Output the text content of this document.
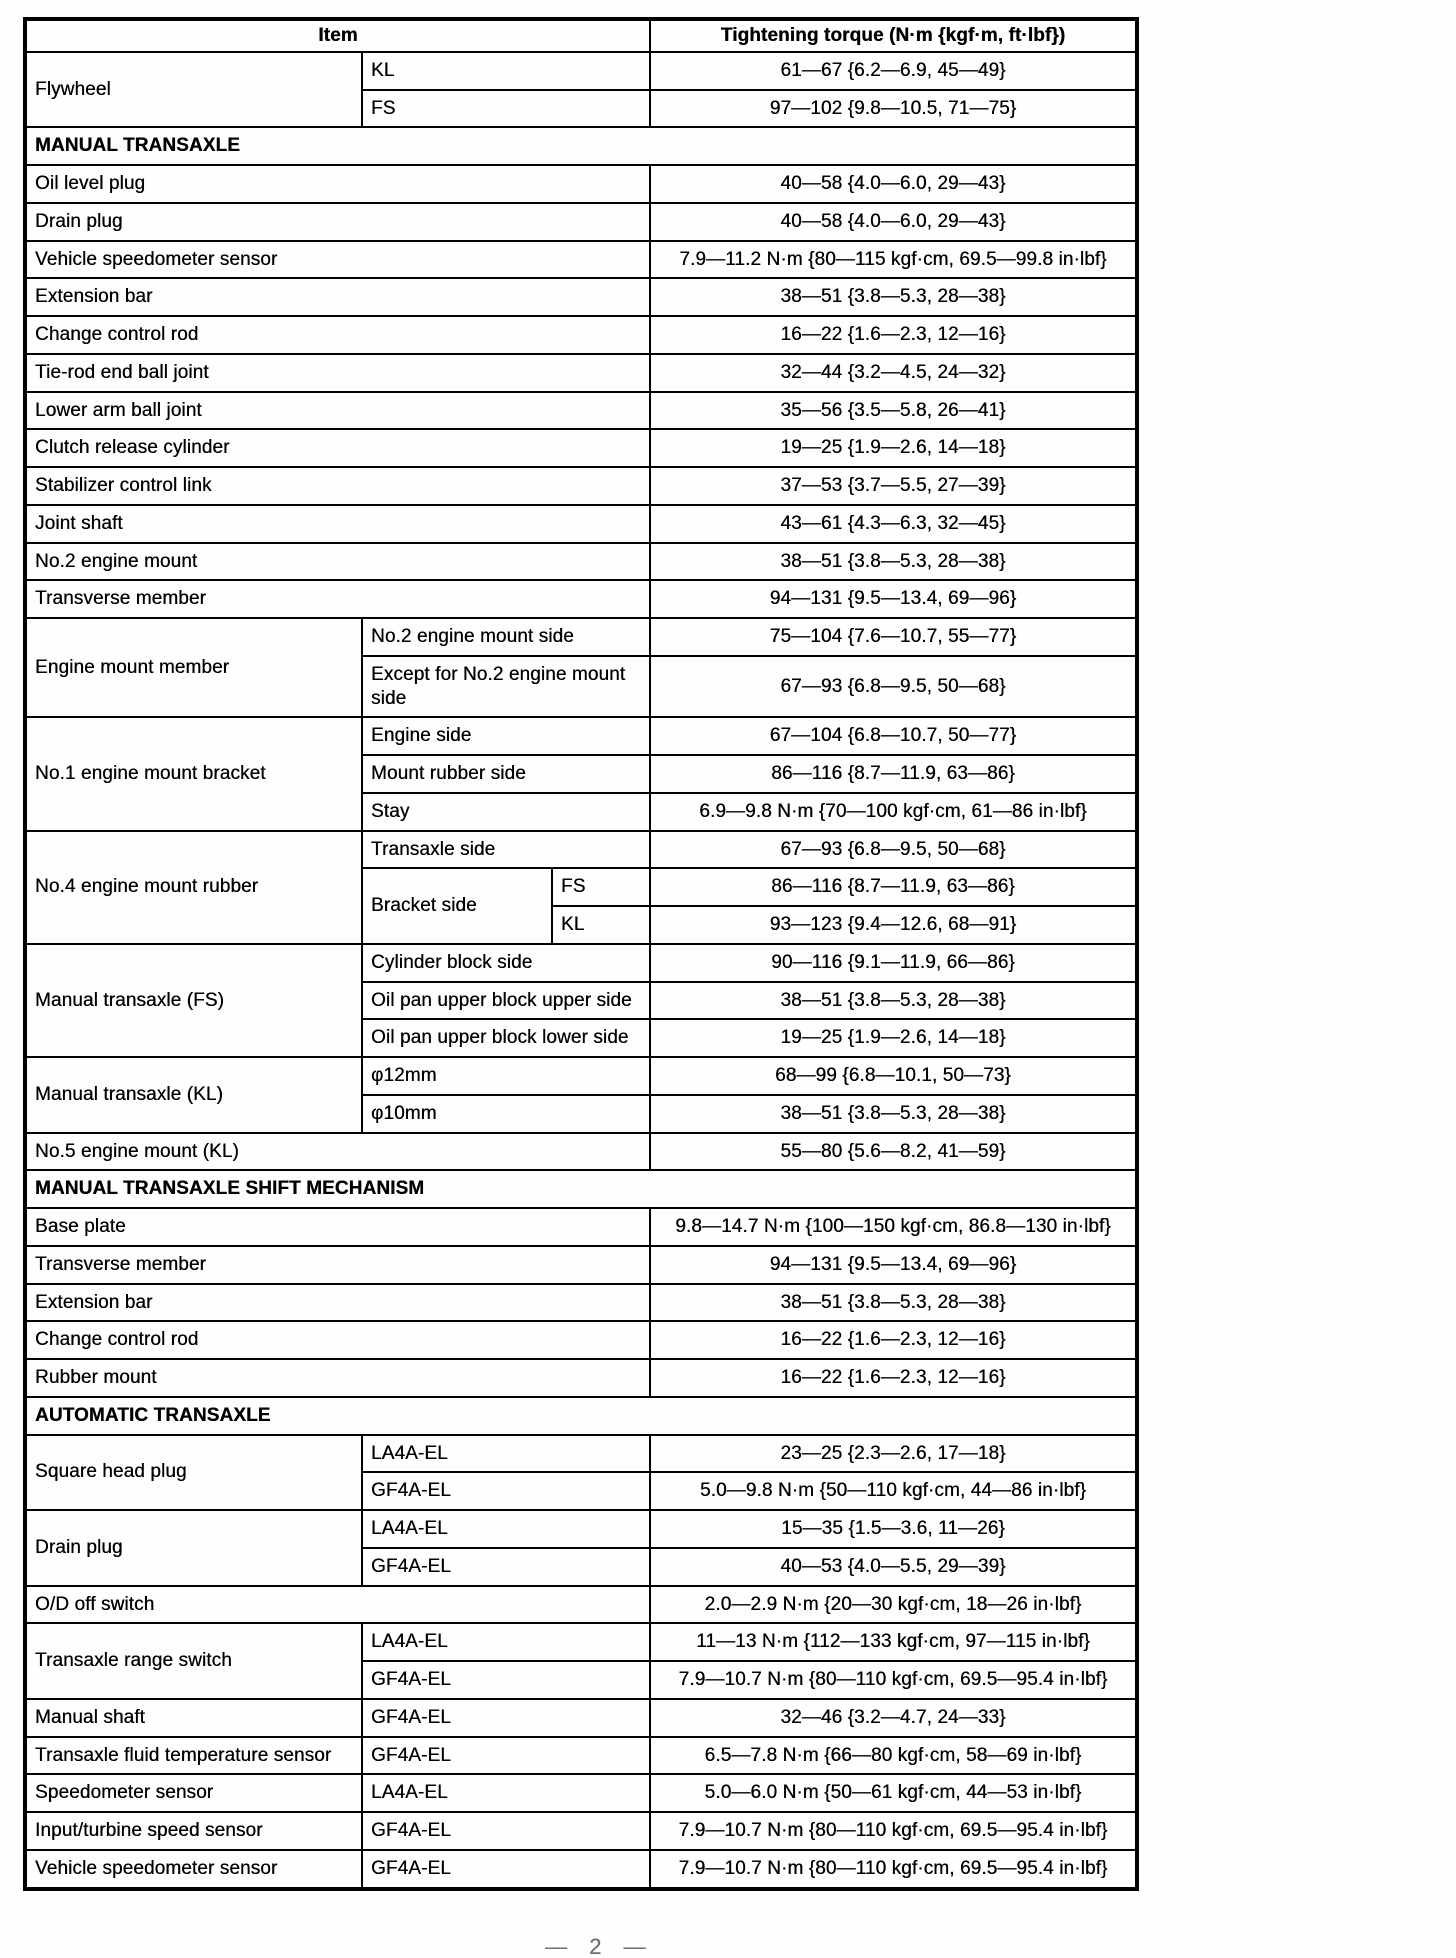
Item			Tightening torque (N·m {kgf·m, ft·lbf})
Flywheel	KL		61—67 {6.2—6.9, 45—49}
	FS		97—102 {9.8—10.5, 71—75}
MANUAL TRANSAXLE			
Oil level plug			40—58 {4.0—6.0, 29—43}
Drain plug			40—58 {4.0—6.0, 29—43}
Vehicle speedometer sensor			7.9—11.2 N·m {80—115 kgf·cm, 69.5—99.8 in·lbf}
Extension bar			38—51 {3.8—5.3, 28—38}
Change control rod			16—22 {1.6—2.3, 12—16}
Tie-rod end ball joint			32—44 {3.2—4.5, 24—32}
Lower arm ball joint			35—56 {3.5—5.8, 26—41}
Clutch release cylinder			19—25 {1.9—2.6, 14—18}
Stabilizer control link			37—53 {3.7—5.5, 27—39}
Joint shaft			43—61 {4.3—6.3, 32—45}
No.2 engine mount			38—51 {3.8—5.3, 28—38}
Transverse member			94—131 {9.5—13.4, 69—96}
Engine mount member	No.2 engine mount side		75—104 {7.6—10.7, 55—77}
	Except for No.2 engine mount side		67—93 {6.8—9.5, 50—68}
No.1 engine mount bracket	Engine side		67—104 {6.8—10.7, 50—77}
	Mount rubber side		86—116 {8.7—11.9, 63—86}
	Stay		6.9—9.8 N·m {70—100 kgf·cm, 61—86 in·lbf}
No.4 engine mount rubber	Transaxle side		67—93 {6.8—9.5, 50—68}
	Bracket side	FS	86—116 {8.7—11.9, 63—86}
		KL	93—123 {9.4—12.6, 68—91}
Manual transaxle (FS)	Cylinder block side		90—116 {9.1—11.9, 66—86}
	Oil pan upper block upper side		38—51 {3.8—5.3, 28—38}
	Oil pan upper block lower side		19—25 {1.9—2.6, 14—18}
Manual transaxle (KL)	φ12mm		68—99 {6.8—10.1, 50—73}
	φ10mm		38—51 {3.8—5.3, 28—38}
No.5 engine mount (KL)			55—80 {5.6—8.2, 41—59}
MANUAL TRANSAXLE SHIFT MECHANISM			
Base plate			9.8—14.7 N·m {100—150 kgf·cm, 86.8—130 in·lbf}
Transverse member			94—131 {9.5—13.4, 69—96}
Extension bar			38—51 {3.8—5.3, 28—38}
Change control rod			16—22 {1.6—2.3, 12—16}
Rubber mount			16—22 {1.6—2.3, 12—16}
AUTOMATIC TRANSAXLE			
Square head plug	LA4A-EL		23—25 {2.3—2.6, 17—18}
	GF4A-EL		5.0—9.8 N·m {50—110 kgf·cm, 44—86 in·lbf}
Drain plug	LA4A-EL		15—35 {1.5—3.6, 11—26}
	GF4A-EL		40—53 {4.0—5.5, 29—39}
O/D off switch			2.0—2.9 N·m {20—30 kgf·cm, 18—26 in·lbf}
Transaxle range switch	LA4A-EL		11—13 N·m {112—133 kgf·cm, 97—115 in·lbf}
	GF4A-EL		7.9—10.7 N·m {80—110 kgf·cm, 69.5—95.4 in·lbf}
Manual shaft	GF4A-EL		32—46 {3.2—4.7, 24—33}
Transaxle fluid temperature sensor	GF4A-EL		6.5—7.8 N·m {66—80 kgf·cm, 58—69 in·lbf}
Speedometer sensor	LA4A-EL		5.0—6.0 N·m {50—61 kgf·cm, 44—53 in·lbf}
Input/turbine speed sensor	GF4A-EL		7.9—10.7 N·m {80—110 kgf·cm, 69.5—95.4 in·lbf}
Vehicle speedometer sensor	GF4A-EL		7.9—10.7 N·m {80—110 kgf·cm, 69.5—95.4 in·lbf}
— 2 —
